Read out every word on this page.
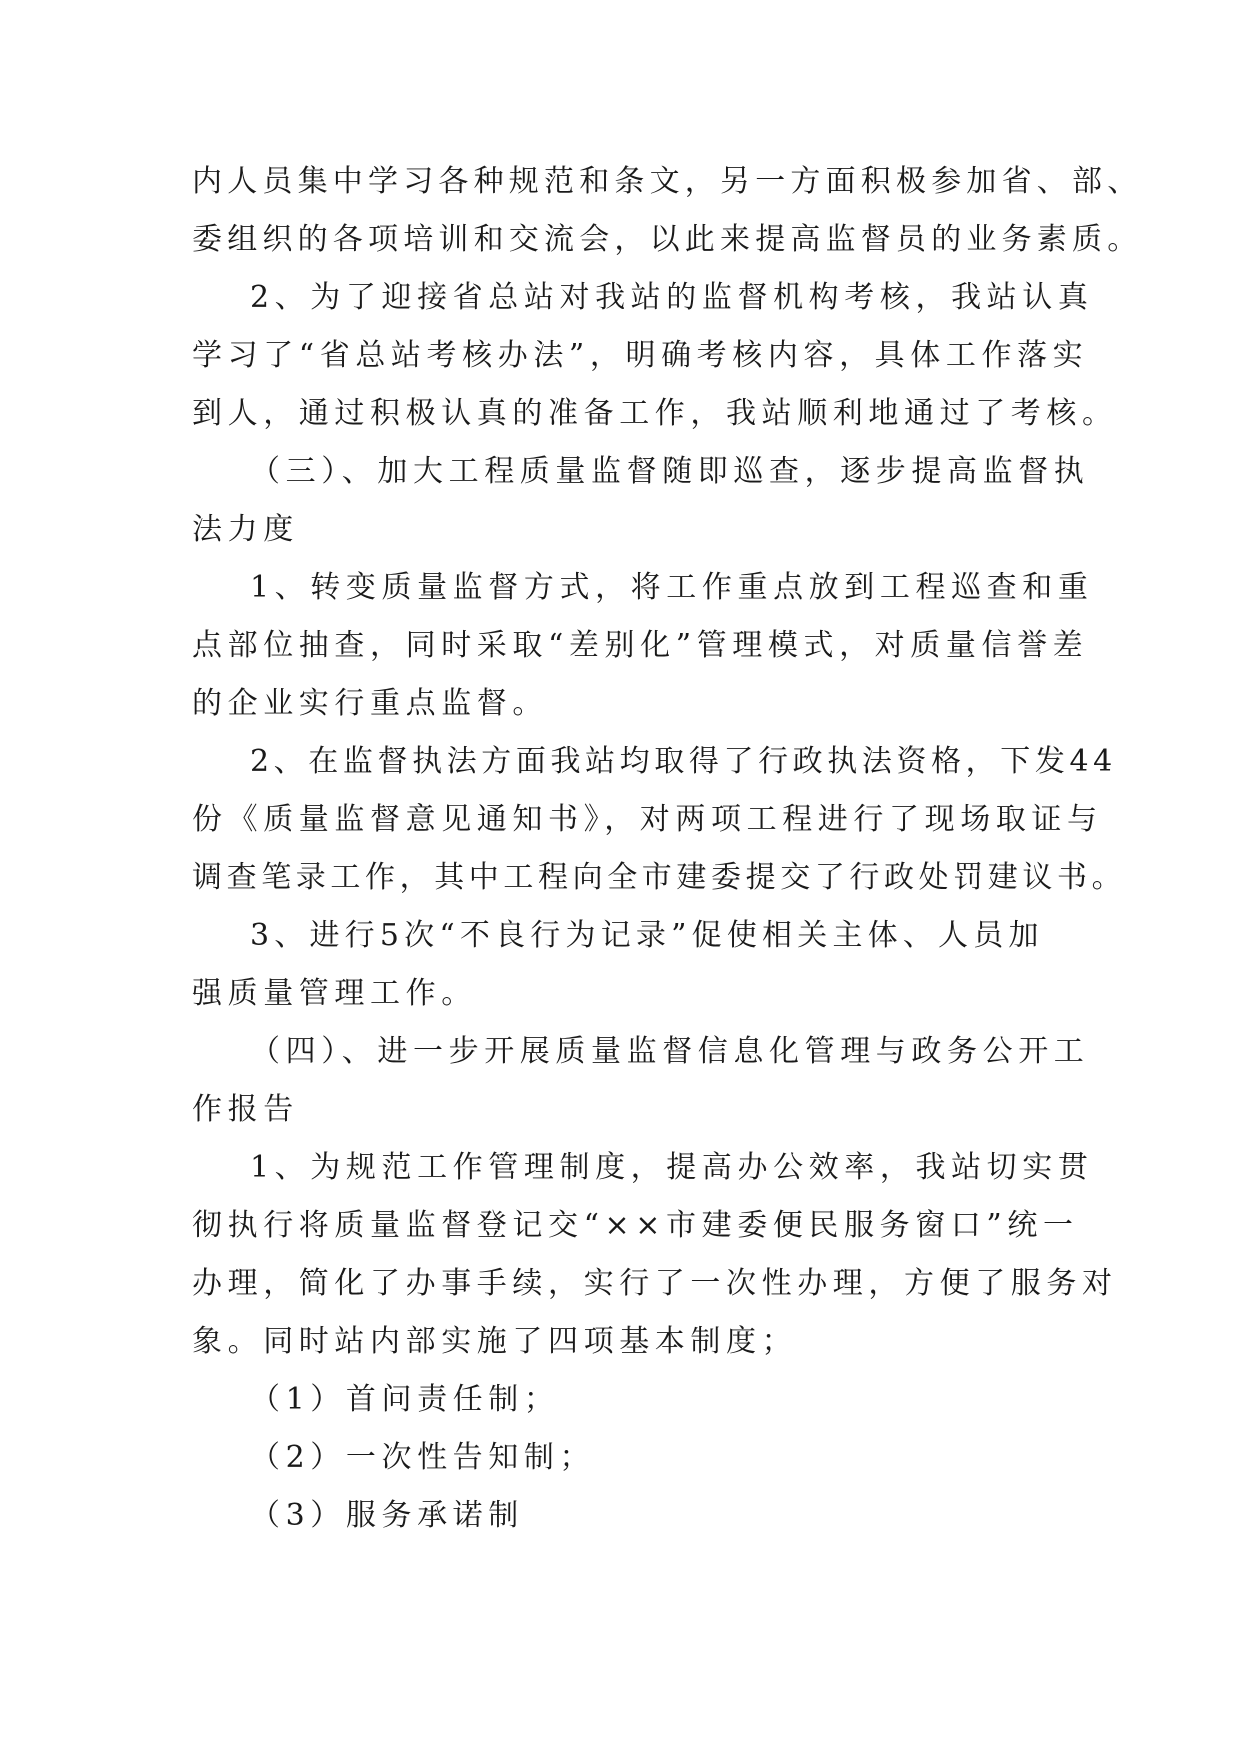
内人员集中学习各种规范和条文，另一方面积极参加省、部、
委组织的各项培训和交流会，以此来提高监督员的业务素质。
2、为了迎接省总站对我站的监督机构考核，我站认真
学习了“省总站考核办法”，明确考核内容，具体工作落实
到人，通过积极认真的准备工作，我站顺利地通过了考核。
（三）、加大工程质量监督随即巡查，逐步提高监督执
法力度
1、转变质量监督方式，将工作重点放到工程巡查和重
点部位抽查，同时采取“差别化”管理模式，对质量信誉差
的企业实行重点监督。
2、在监督执法方面我站均取得了行政执法资格，下发44
份《质量监督意见通知书》，对两项工程进行了现场取证与
调查笔录工作，其中工程向全市建委提交了行政处罚建议书。
3、进行5次“不良行为记录”促使相关主体、人员加
强质量管理工作。
（四）、进一步开展质量监督信息化管理与政务公开工
作报告
1、为规范工作管理制度，提高办公效率，我站切实贯
彻执行将质量监督登记交“××市建委便民服务窗口”统一
办理，简化了办事手续，实行了一次性办理，方便了服务对
象。同时站内部实施了四项基本制度；
（1）首问责任制；
（2）一次性告知制；
（3）服务承诺制
